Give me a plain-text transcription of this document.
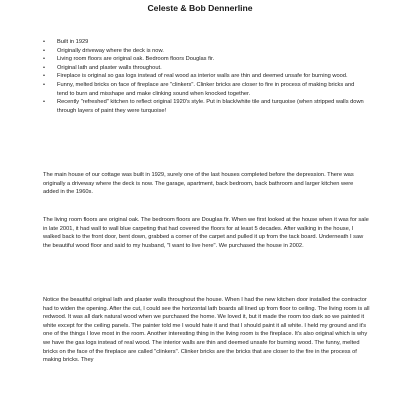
Celeste & Bob Dennerline
• Built in 1929
• Originally driveway where the deck is now.
• Living room floors are original oak. Bedroom floors Douglas fir.
• Original lath and plaster walls throughout.
• Fireplace is original so gas logs instead of real wood as interior walls are thin and deemed unsafe for burning wood.
• Funny, melted bricks on face of fireplace are "clinkers". Clinker bricks are closer to fire in process of making bricks and tend to burn and misshape and make clinking sound when knocked together.
• Recently "refreshed" kitchen to reflect original 1920's style. Put in black/white tile and turquoise (when stripped walls down through layers of paint they were turquoise!

The main house of our cottage was built in 1929, surely one of the last houses completed before the depression. There was originally a driveway where the deck is now. The garage, apartment, back bedroom, back bathroom and larger kitchen were added in the 1960s.

The living room floors are original oak. The bedroom floors are Douglas fir. When we first looked at the house when it was for sale in late 2001, it had wall to wall blue carpeting that had covered the floors for at least 5 decades. After walking in the house, I walked back to the front door, bent down, grabbed a corner of the carpet and pulled it up from the tack board. Underneath I saw the beautiful wood floor and said to my husband, "I want to live here". We purchased the house in 2002.

Notice the beautiful original lath and plaster walls throughout the house. When I had the new kitchen door installed the contractor had to widen the opening. After the cut, I could see the horizontal lath boards all lined up from floor to ceiling. The living room is all redwood. It was all dark natural wood when we purchased the home. We loved it, but it made the room too dark so we painted it white except for the ceiling panels. The painter told me I would hate it and that I should paint it all white. I held my ground and it's one of the things I love most in the room. Another interesting thing in the living room is the fireplace. It's also original which is why we have the gas logs instead of real wood. The interior walls are thin and deemed unsafe for burning wood. The funny, melted bricks on the face of the fireplace are called "clinkers". Clinker bricks are the bricks that are closer to the fire in the process of making bricks. They
